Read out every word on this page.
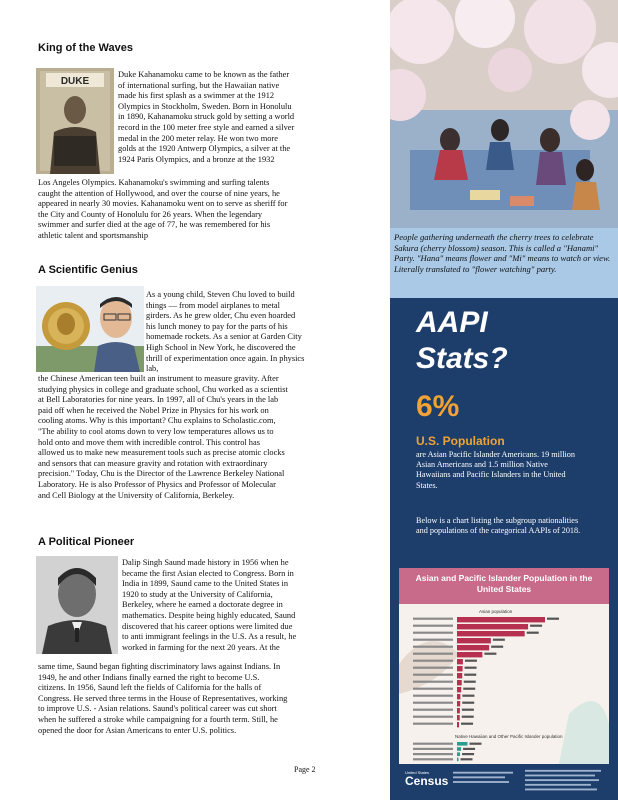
King of the Waves
DUKE

Duke Kahanamoku came to be known as the father of international surfing, but the Hawaiian native made his first splash as a swimmer at the 1912 Olympics in Stockholm, Sweden. Born in Honolulu in 1890, Kahanamoku struck gold by setting a world record in the 100 meter free style and earned a silver medal in the 200 meter relay. He won two more golds at the 1920 Antwerp Olympics, a silver at the 1924 Paris Olympics, and a bronze at the 1932

Los Angeles Olympics. Kahanamoku's swimming and surfing talents caught the attention of Hollywood, and over the course of nine years, he appeared in nearly 30 movies. Kahanamoku went on to serve as sheriff for the City and County of Honolulu for 26 years. When the legendary swimmer and surfer died at the age of 77, he was remembered for his athletic talent and sportsmanship

A Scientific Genius

As a young child, Steven Chu loved to build things — from model airplanes to metal girders. As he grew older, Chu even hoarded his lunch money to pay for the parts of his homemade rockets. As a senior at Garden City High School in New York, he discovered the thrill of experimentation once again. In physics lab,

the Chinese American teen built an instrument to measure gravity. After studying physics in college and graduate school, Chu worked as a scientist at Bell Laboratories for nine years. In 1997, all of Chu's years in the lab paid off when he received the Nobel Prize in Physics for his work on cooling atoms. Why is this important? Chu explains to Scholastic.com, "The ability to cool atoms down to very low temperatures allows us to hold onto and move them with incredible control. This control has allowed us to make new measurement tools such as precise atomic clocks and sensors that can measure gravity and rotation with extraordinary precision." Today, Chu is the Director of the Lawrence Berkeley National Laboratory. He is also Professor of Physics and Professor of Molecular and Cell Biology at the University of California, Berkeley.

A Political Pioneer

Dalip Singh Saund made history in 1956 when he became the first Asian elected to Congress. Born in India in 1899, Saund came to the United States in 1920 to study at the University of California, Berkeley, where he earned a doctorate degree in mathematics. Despite being highly educated, Saund discovered that his career options were limited due to anti immigrant feelings in the U.S. As a result, he worked in farming for the next 20 years. At the

same time, Saund began fighting discriminatory laws against Indians. In 1949, he and other Indians finally earned the right to become U.S. citizens. In 1956, Saund left the fields of California for the halls of Congress. He served three terms in the House of Representatives, working to improve U.S. - Asian relations. Saund's political career was cut short when he suffered a stroke while campaigning for a fourth term. Still, he opened the door for Asian Americans to enter U.S. politics.

Page 2

People gathering underneath the cherry trees to celebrate Sakura (cherry blossom) season. This is called a "Hanami" Party. "Hana" means flower and "Mi" means to watch or view. Literally translated to "flower watching" party.

AAPI

Stats?

6%

U.S. Population

are Asian Pacific Islander Americans. 19 million Asian Americans and 1.5 million Native Hawaiians and Pacific Islanders in the United States.

Below is a chart listing the subgroup nationalities and populations of the categorical AAPIs of 2018.

Asian and Pacific Islander Population in the United States

Asian population
Native Hawaiian and Other Pacific Islander population
United States
Census
